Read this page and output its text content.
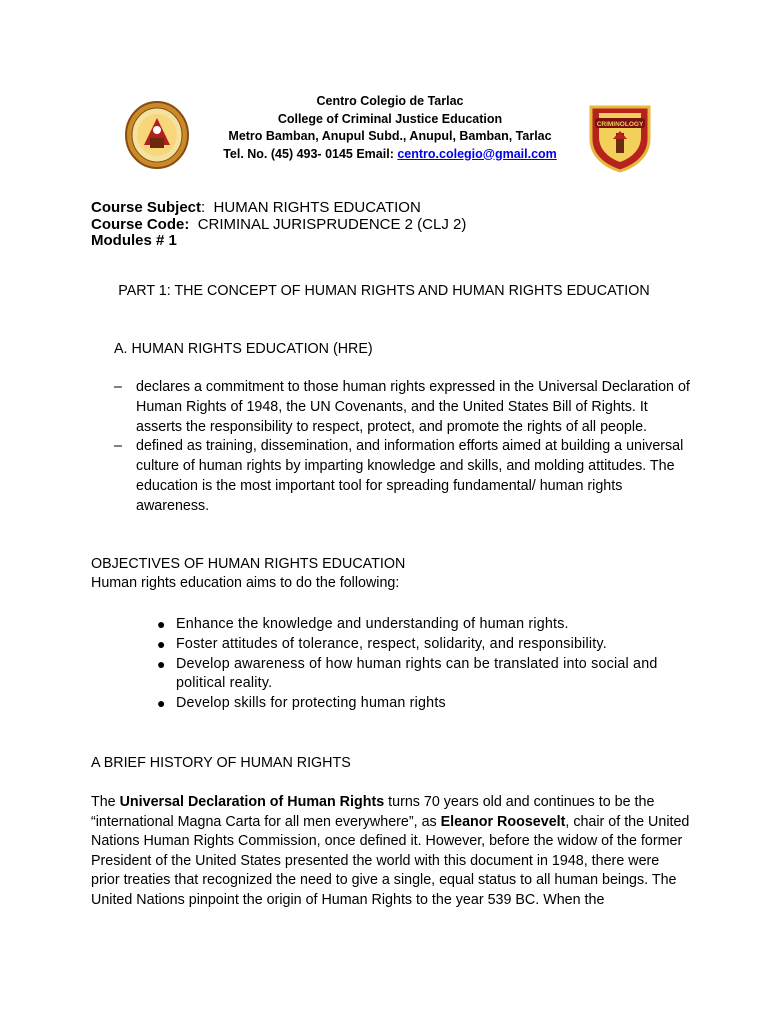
Centro Colegio de Tarlac
College of Criminal Justice Education
Metro Bamban, Anupul Subd., Anupul, Bamban, Tarlac
Tel. No. (45) 493- 0145 Email: centro.colegio@gmail.com
CRIMINOLOGY
Course Subject:  HUMAN RIGHTS EDUCATION
Course Code: CRIMINAL JURISPRUDENCE 2 (CLJ 2)
Modules # 1
PART 1: THE CONCEPT OF HUMAN RIGHTS AND HUMAN RIGHTS EDUCATION
A. HUMAN RIGHTS EDUCATION (HRE)
– declares a commitment to those human rights expressed in the Universal Declaration of Human Rights of 1948, the UN Covenants, and the United States Bill of Rights. It asserts the responsibility to respect, protect, and promote the rights of all people.
– defined as training, dissemination, and information efforts aimed at building a universal culture of human rights by imparting knowledge and skills, and molding attitudes. The education is the most important tool for spreading fundamental/ human rights awareness.
OBJECTIVES OF HUMAN RIGHTS EDUCATION
Human rights education aims to do the following:
● Enhance the knowledge and understanding of human rights.
● Foster attitudes of tolerance, respect, solidarity, and responsibility.
● Develop awareness of how human rights can be translated into social and political reality.
● Develop skills for protecting human rights
A BRIEF HISTORY OF HUMAN RIGHTS
The Universal Declaration of Human Rights turns 70 years old and continues to be the “international Magna Carta for all men everywhere”, as Eleanor Roosevelt, chair of the United Nations Human Rights Commission, once defined it. However, before the widow of the former President of the United States presented the world with this document in 1948, there were prior treaties that recognized the need to give a single, equal status to all human beings. The United Nations pinpoint the origin of Human Rights to the year 539 BC. When the
